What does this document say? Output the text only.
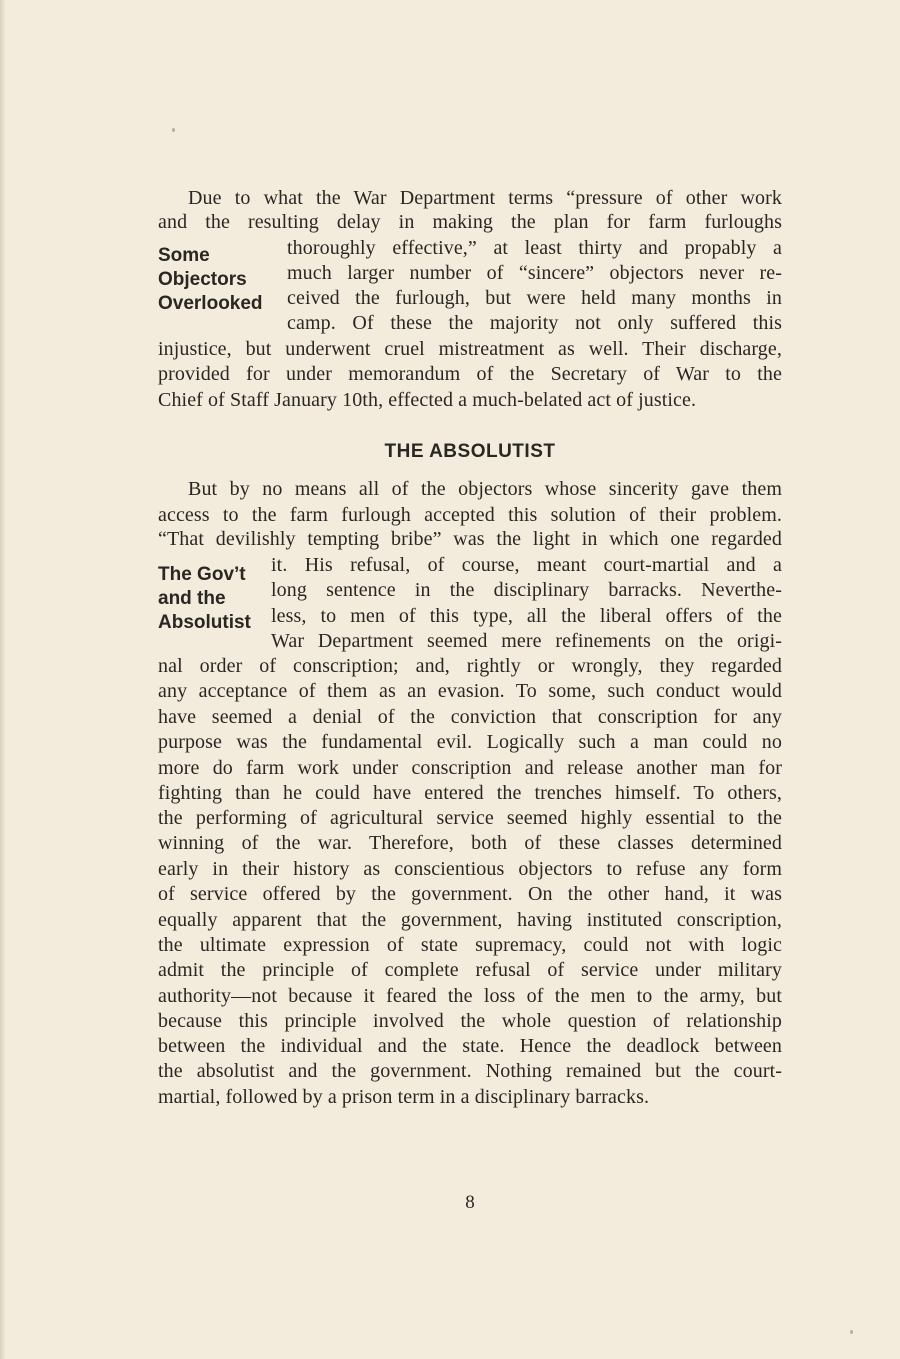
Due to what the War Department terms “pressure of other work
and the resulting delay in making the plan for farm furloughs
thoroughly effective,” at least thirty and propably a
much larger number of “sincere” objectors never re-
ceived the furlough, but were held many months in
camp. Of these the majority not only suffered this
injustice, but underwent cruel mistreatment as well. Their discharge,
provided for under memorandum of the Secretary of War to the
Chief of Staff January 10th, effected a much-belated act of justice.
Some
Objectors
Overlooked
THE ABSOLUTIST
But by no means all of the objectors whose sincerity gave them
access to the farm furlough accepted this solution of their problem.
“That devilishly tempting bribe” was the light in which one regarded
it. His refusal, of course, meant court-martial and a
long sentence in the disciplinary barracks. Neverthe-
less, to men of this type, all the liberal offers of the
War Department seemed mere refinements on the origi-
nal order of conscription; and, rightly or wrongly, they regarded
any acceptance of them as an evasion. To some, such conduct would
have seemed a denial of the conviction that conscription for any
purpose was the fundamental evil. Logically such a man could no
more do farm work under conscription and release another man for
fighting than he could have entered the trenches himself. To others,
the performing of agricultural service seemed highly essential to the
winning of the war. Therefore, both of these classes determined
early in their history as conscientious objectors to refuse any form
of service offered by the government. On the other hand, it was
equally apparent that the government, having instituted conscription,
the ultimate expression of state supremacy, could not with logic
admit the principle of complete refusal of service under military
authority—not because it feared the loss of the men to the army, but
because this principle involved the whole question of relationship
between the individual and the state. Hence the deadlock between
the absolutist and the government. Nothing remained but the court-
martial, followed by a prison term in a disciplinary barracks.
The Gov’t
and the
Absolutist
8
